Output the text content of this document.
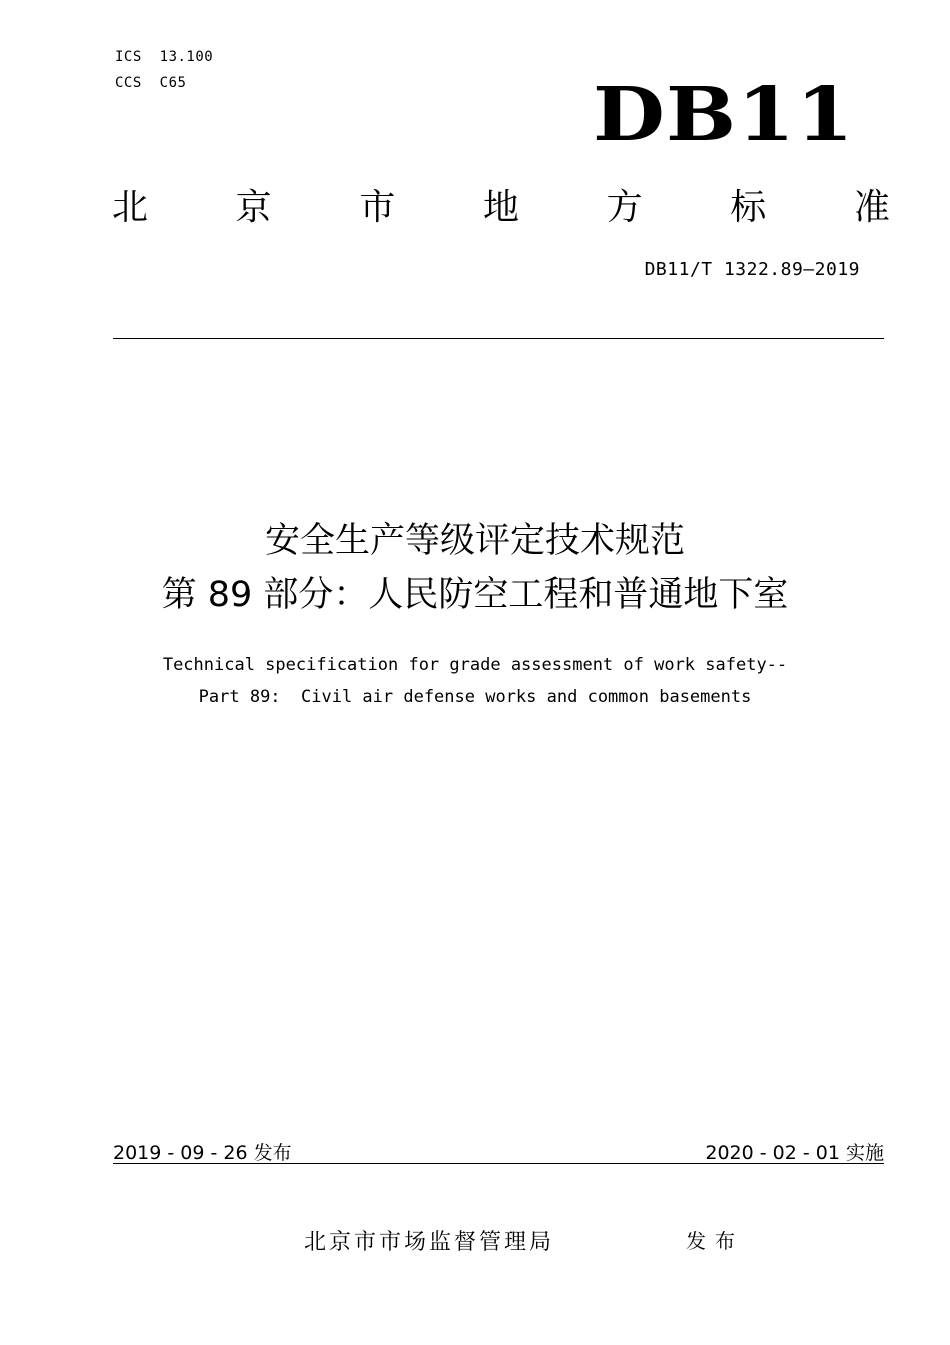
ICS  13.100
CCS  C65	DB11
北 京 市 地 方 标 准
DB11/T 1322.89—2019
安全生产等级评定技术规范
第 89 部分：人民防空工程和普通地下室
Technical specification for grade assessment of work safety--
Part 89:  Civil air defense works and common basements
2019 - 09 - 26 发布	2020 - 02 - 01 实施
北京市市场监督管理局	发布
